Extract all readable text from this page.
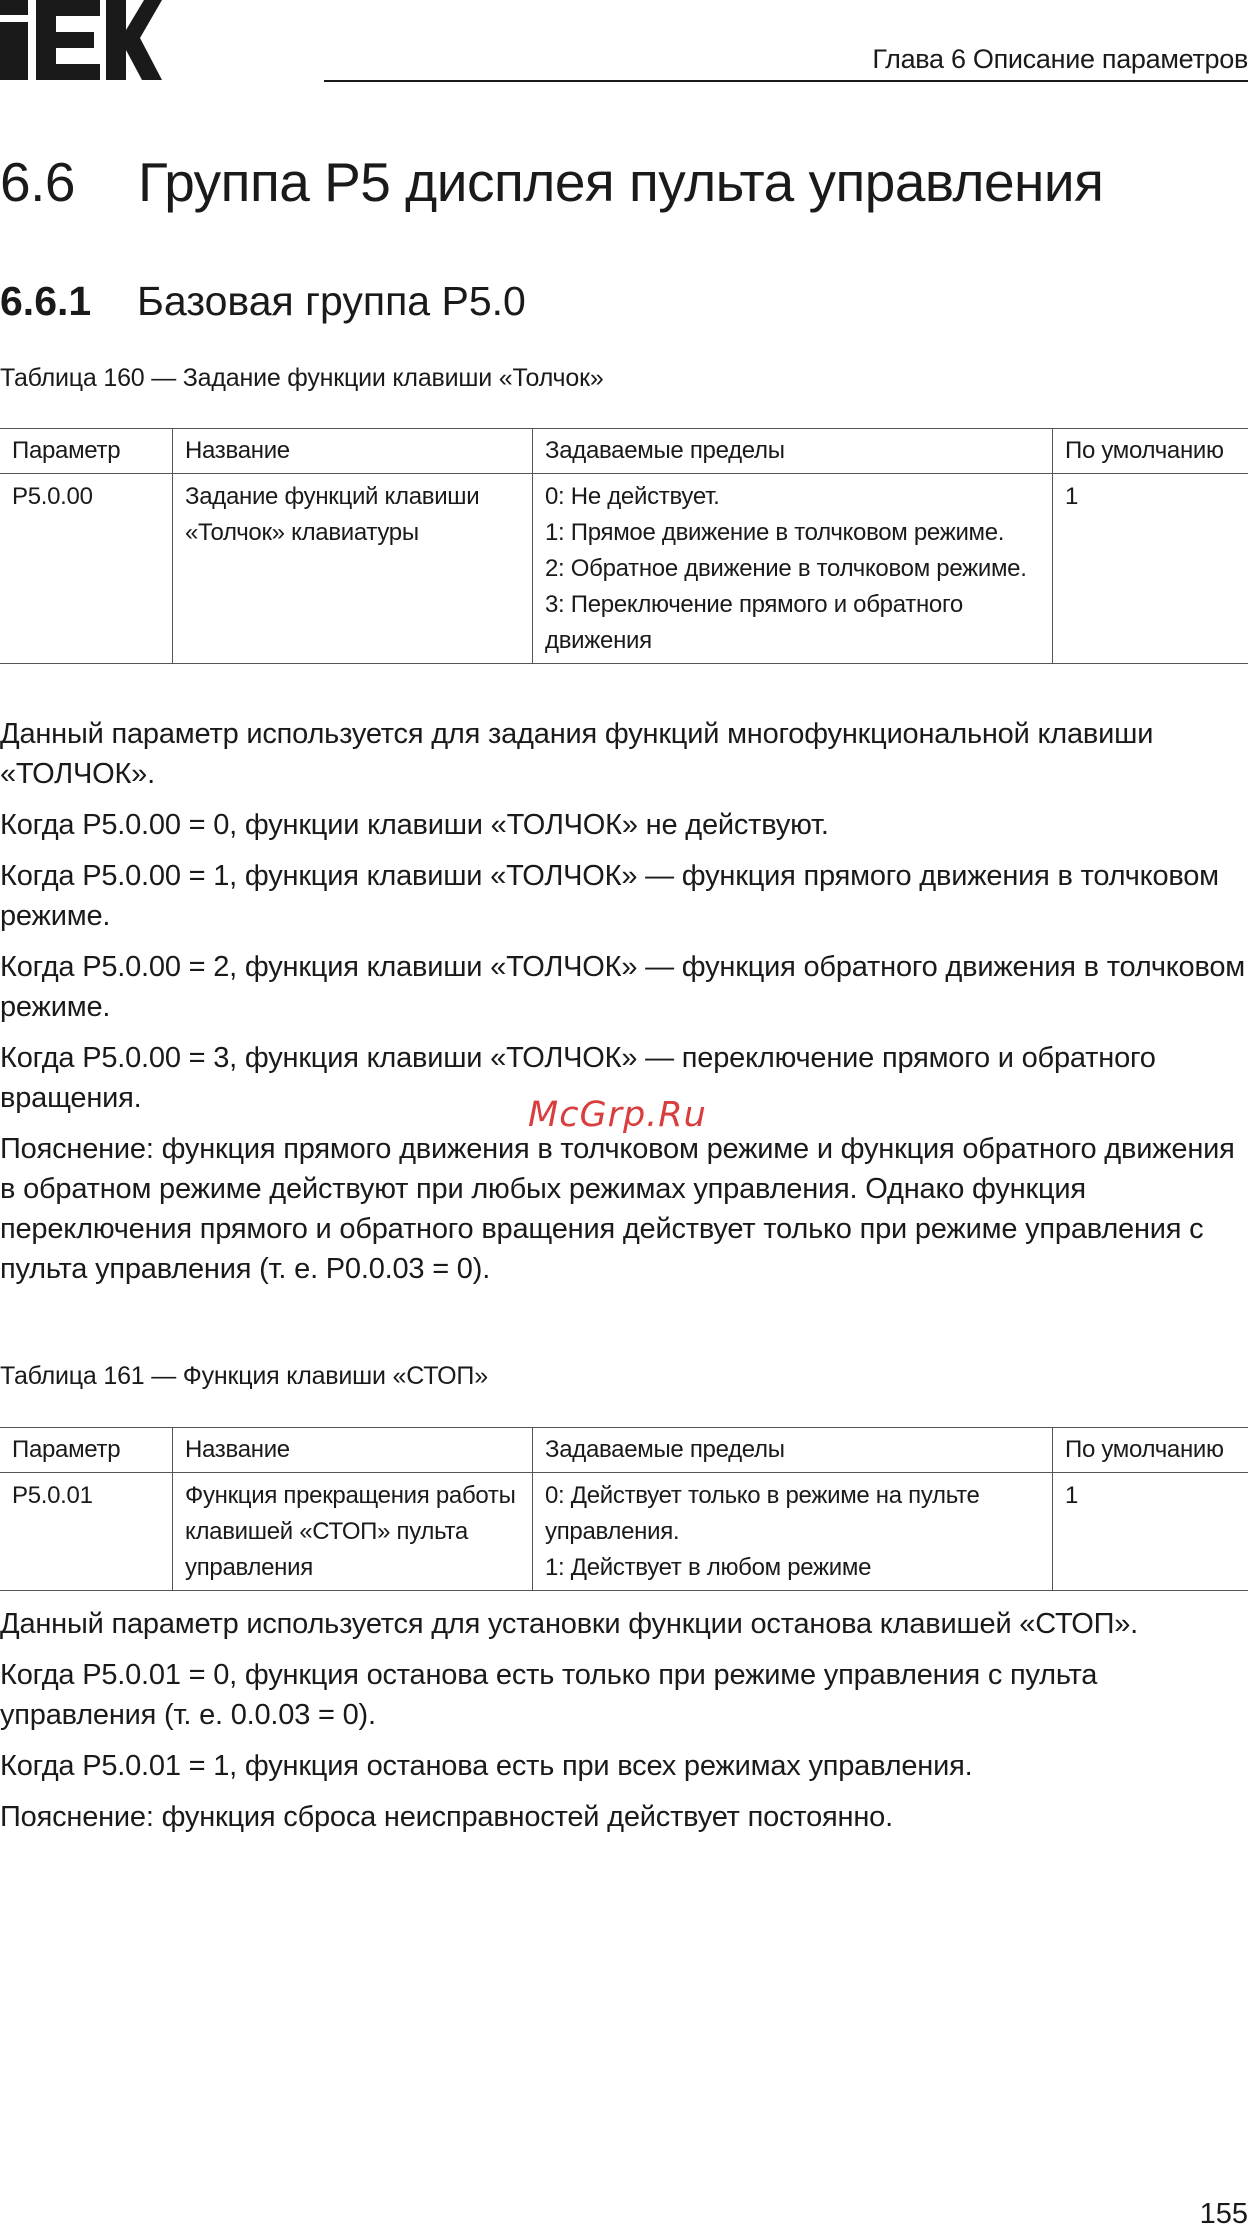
Глава 6 Описание параметров
6.6 Группа Р5 дисплея пульта управления
6.6.1 Базовая группа Р5.0
Таблица 160 — Задание функции клавиши «Толчок»
Параметр	Название	Задаваемые пределы	По умолчанию
Р5.0.00	Задание функций клавиши «Толчок» клавиатуры	0: Не действует.
1: Прямое движение в толчковом режиме.
2: Обратное движение в толчковом режиме.
3: Переключение прямого и обратного движения	1

Данный параметр используется для задания функций многофункциональной клавиши «ТОЛЧОК».

Когда Р5.0.00 = 0, функции клавиши «ТОЛЧОК» не действуют.

Когда Р5.0.00 = 1, функция клавиши «ТОЛЧОК» — функция прямого движения в толчковом режиме.

Когда Р5.0.00 = 2, функция клавиши «ТОЛЧОК» — функция обратного движения в толчковом режиме.

Когда Р5.0.00 = 3, функция клавиши «ТОЛЧОК» — переключение прямого и обратного вращения.

Пояснение: функция прямого движения в толчковом режиме и функция обратного движения в обратном режиме действуют при любых режимах управления. Однако функция переключения прямого и обратного вращения действует только при режиме управления с пульта управления (т. е. Р0.0.03 = 0).

McGrp.Ru
Таблица 161 — Функция клавиши «СТОП»
Параметр	Название	Задаваемые пределы	По умолчанию
Р5.0.01	Функция прекращения работы клавишей «СТОП» пульта управления	0: Действует только в режиме на пульте управления.
1: Действует в любом режиме	1

Данный параметр используется для установки функции останова клавишей «СТОП».

Когда Р5.0.01 = 0, функция останова есть только при режиме управления с пульта управления (т. е. 0.0.03 = 0).

Когда Р5.0.01 = 1, функция останова есть при всех режимах управления.

Пояснение: функция сброса неисправностей действует постоянно.

155
